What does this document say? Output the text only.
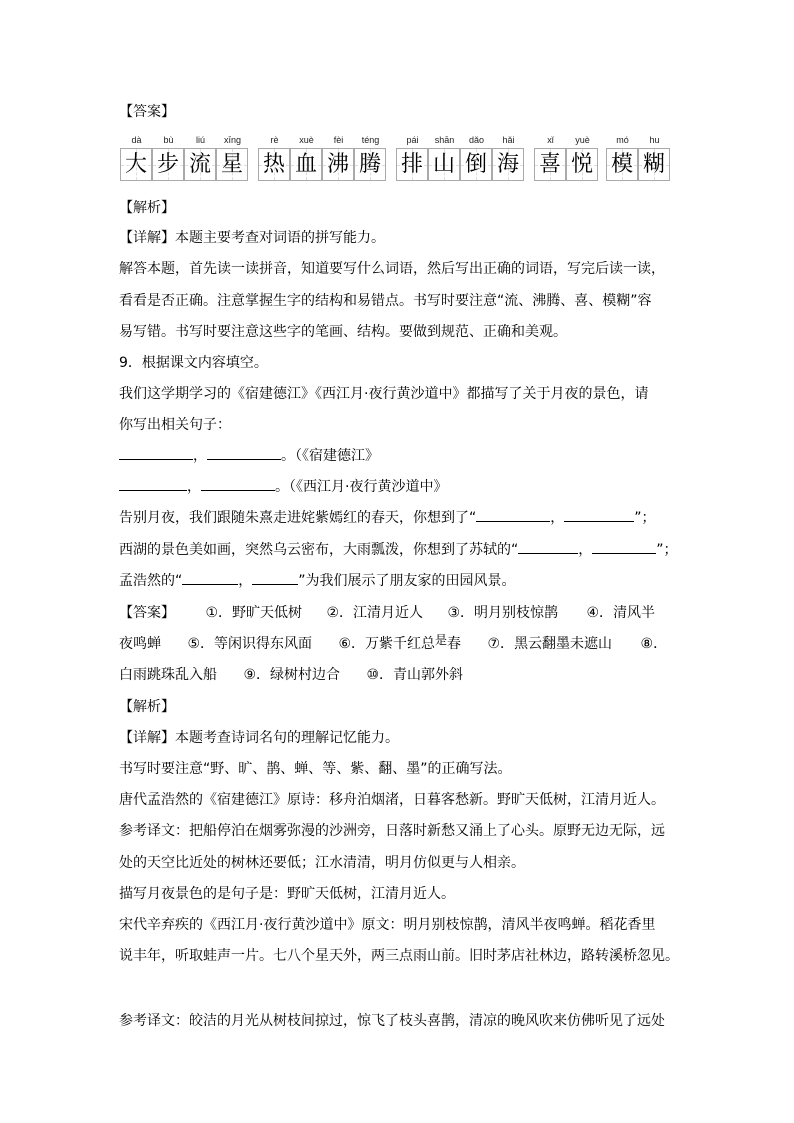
【答案】
dà
大
bù
步
liú
流
xīng
星
rè
热
xuè
血
fèi
沸
téng
腾
pái
排
shān
山
dǎo
倒
hǎi
海
xǐ
喜
yuè
悦
mó
模
hu
糊
【解析】
【详解】本题主要考查对词语的拼写能力。
解答本题，首先读一读拼音，知道要写什么词语，然后写出正确的词语，写完后读一读，
看看是否正确。注意掌握生字的结构和易错点。书写时要注意“流、沸腾、喜、模糊”容
易写错。书写时要注意这些字的笔画、结构。要做到规范、正确和美观。
9．根据课文内容填空。
我们这学期学习的《宿建德江》《西江月·夜行黄沙道中》都描写了关于月夜的景色，请
你写出相关句子：
，	。（《宿建德江》
，	。（《西江月·夜行黄沙道中》
告别月夜，我们跟随朱熹走进姹紫嫣红的春天，你想到了“	，	”；
西湖的景色美如画，突然乌云密布，大雨瓢泼，你想到了苏轼的“	，	”；
孟浩然的“	，	”为我们展示了朋友家的田园风景。
【答案】 ①．野旷天低树 ②．江清月近人 ③．明月别枝惊鹊 ④．清风半
夜鸣蝉 ⑤．等闲识得东风面 ⑥．万紫千红总是春 ⑦．黑云翻墨未遮山 ⑧．
白雨跳珠乱入船 ⑨．绿树村边合 ⑩．青山郭外斜
【解析】
【详解】本题考查诗词名句的理解记忆能力。
书写时要注意“野、旷、鹊、蝉、等、紫、翻、墨”的正确写法。
唐代孟浩然的《宿建德江》原诗：移舟泊烟渚，日暮客愁新。野旷天低树，江清月近人。
参考译文：把船停泊在烟雾弥漫的沙洲旁，日落时新愁又涌上了心头。原野无边无际，远
处的天空比近处的树林还要低；江水清清，明月仿似更与人相亲。
描写月夜景色的是句子是：野旷天低树，江清月近人。
宋代辛弃疾的《西江月·夜行黄沙道中》原文：明月别枝惊鹊，清风半夜鸣蝉。稻花香里
说丰年，听取蛙声一片。七八个星天外，两三点雨山前。旧时茅店社林边，路转溪桥忽见。
参考译文：皎洁的月光从树枝间掠过，惊飞了枝头喜鹊，清凉的晚风吹来仿佛听见了远处
